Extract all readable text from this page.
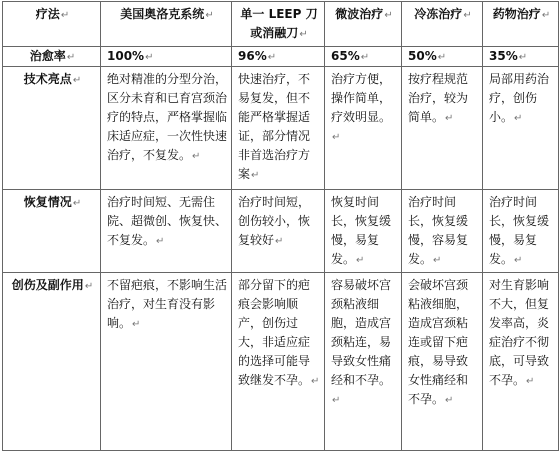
疗法↵	美国奥洛克系统↵	单一 LEEP 刀或消融刀↵	微波治疗↵	冷冻治疗↵	药物治疗↵
治愈率↵	100%↵	96%↵	65%↵	50%↵	35%↵
技术亮点↵	绝对精准的分型分治，区分未育和已育宫颈治疗的特点，严格掌握临床适应症，一次性快速治疗，不复发。↵	快速治疗，不易复发，但不能严格掌握适证，部分情况非首选治疗方案↵	治疗方便，操作简单，疗效明显。↵	按疗程规范治疗，较为简单。↵	局部用药治疗，创伤小。↵
恢复情况↵	治疗时间短、无需住院、超微创、恢复快、不复发。↵	治疗时间短，创伤较小，恢复较好↵	恢复时间长，恢复缓慢，易复发。↵	治疗时间长，恢复缓慢，容易复发。↵	治疗时间长，恢复缓慢，易复发。↵
创伤及副作用↵	不留疤痕，不影响生活治疗，对生育没有影响。↵	部分留下的疤痕会影响顺产，创伤过大，非适应症的选择可能导致继发不孕。↵	容易破坏宫颈粘液细胞，造成宫颈粘连，易导致女性痛经和不孕。↵	会破坏宫颈粘液细胞，造成宫颈粘连或留下疤痕，易导致女性痛经和不孕。↵	对生育影响不大，但复发率高，炎症治疗不彻底，可导致不孕。↵
